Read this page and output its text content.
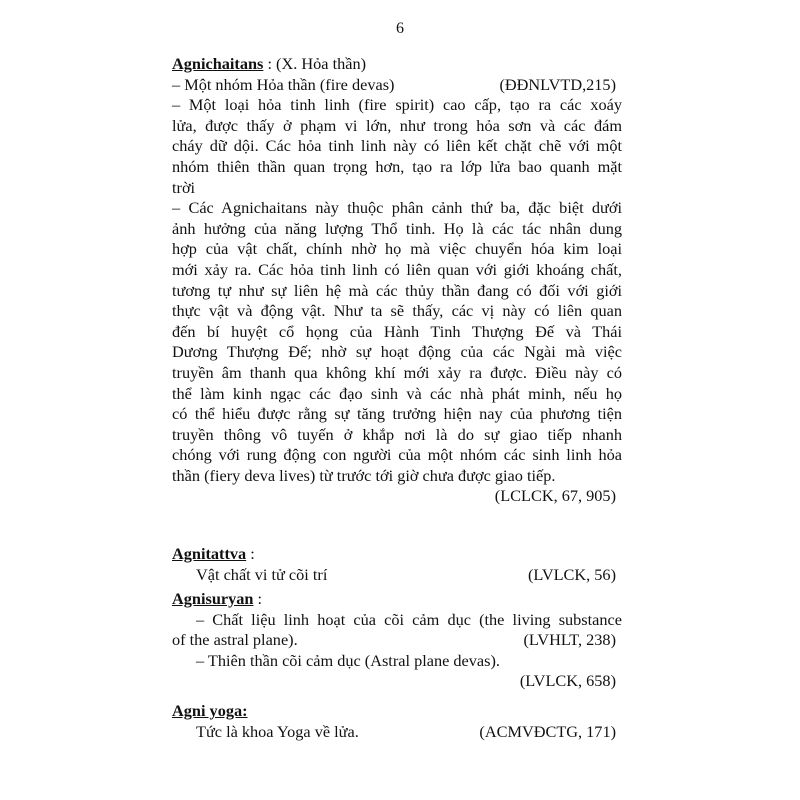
6
Agnichaitans : (X. Hỏa thần)
– Một nhóm Hỏa thần (fire devas)	(ĐĐNLVTD,215)
– Một loại hỏa tinh linh (fire spirit) cao cấp, tạo ra các xoáy
lửa, được thấy ở phạm vi lớn, như trong hỏa sơn và các đám
cháy dữ dội. Các hỏa tinh linh này có liên kết chặt chẽ với một
nhóm thiên thần quan trọng hơn, tạo ra lớp lửa bao quanh mặt
trời
– Các Agnichaitans này thuộc phân cảnh thứ ba, đặc biệt dưới
ảnh hưởng của năng lượng Thổ tinh. Họ là các tác nhân dung
hợp của vật chất, chính nhờ họ mà việc chuyển hóa kim loại
mới xảy ra. Các hỏa tinh linh có liên quan với giới khoáng chất,
tương tự như sự liên hệ mà các thủy thần đang có đối với giới
thực vật và động vật. Như ta sẽ thấy, các vị này có liên quan
đến bí huyệt cổ họng của Hành Tinh Thượng Đế và Thái
Dương Thượng Đế; nhờ sự hoạt động của các Ngài mà việc
truyền âm thanh qua không khí mới xảy ra được. Điều này có
thể làm kinh ngạc các đạo sinh và các nhà phát minh, nếu họ
có thể hiểu được rằng sự tăng trưởng hiện nay của phương tiện
truyền thông vô tuyến ở khắp nơi là do sự giao tiếp nhanh
chóng với rung động con người của một nhóm các sinh linh hỏa
thần (fiery deva lives) từ trước tới giờ chưa được giao tiếp.
(LCLCK, 67, 905)
Agnitattva :
Vật chất vi tử cõi trí	(LVLCK, 56)
Agnisuryan :
– Chất liệu linh hoạt của cõi cảm dục (the living substance
of the astral plane).	(LVHLT, 238)
– Thiên thần cõi cảm dục (Astral plane devas).
(LVLCK, 658)
Agni yoga:
Tức là khoa Yoga về lửa.	(ACMVĐCTG, 171)
